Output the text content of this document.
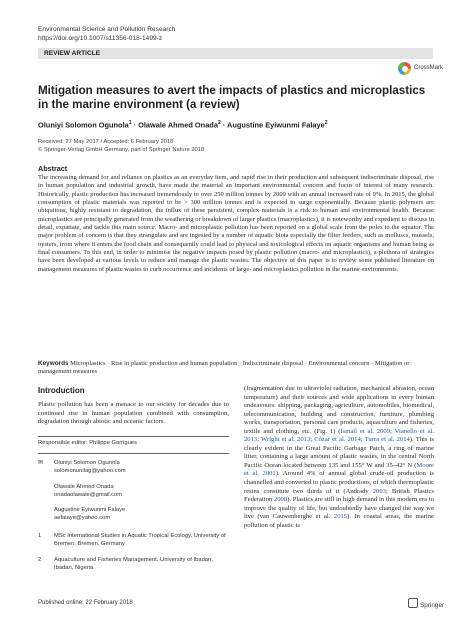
Environmental Science and Pollution Research
https://doi.org/10.1007/s11356-018-1499-z
REVIEW ARTICLE
CrossMark
Mitigation measures to avert the impacts of plastics and microplastics in the marine environment (a review)
Oluniyi Solomon Ogunola$^1$ · Olawale Ahmed Onada$^2$ · Augustine Eyiwunmi Falaye$^2$
Received: 27 May 2017 / Accepted: 6 February 2018
© Springer-Verlag GmbH Germany, part of Springer Nature 2018
Abstract
The increasing demand for and reliance on plastics as an everyday item, and rapid rise in their production and subsequent indiscriminate disposal, rise in human population and industrial growth, have made the material an important environmental concern and focus of interest of many research. Historically, plastic production has increased tremendously to over 250 million tonnes by 2009 with an annual increased rate of 9%. In 2015, the global consumption of plastic materials was reported to be > 300 million tonnes and is expected to surge exponentially. Because plastic polymers are ubiquitous, highly resistant to degradation, the influx of these persistent, complex materials is a risk to human and environmental health. Because microplastics are principally generated from the weathering or breakdown of larger plastics (macroplastics), it is noteworthy and expedient to discuss in detail, expatiate, and tackle this main source. Macro- and microplastic pollution has been reported on a global scale from the poles to the equator. The major problem of concern is that they strangulate and are ingested by a number of aquatic biota especially the filter feeders, such as molluscs, mussels, oysters, from where it enters the food chain and consequently could lead to physical and toxicological effects on aquatic organisms and human being as final consumers. To this end, in order to minimise the negative impacts posed by plastic pollution (macro- and microplastics), a plethora of strategies have been developed at various levels to reduce and manage the plastic wastes. The objective of this paper is to review some published literature on management measures of plastic wastes to curb occurrence and incidents of large- and microplastics pollution in the marine environments.
Keywords Microplastics · Rise in plastic production and human population · Indiscriminate disposal · Environmental concern · Mitigation or management measures
Introduction
Plastic pollution has been a menace to our society for decades due to continued rise in human population combined with consumption, degradation through abiotic and oceanic factors
Responsible editor: Philippe Garrigues
✉	Oluniyi Solomon Ogunola
solomonunilag@yahoo.com
Olawale Ahmed Onada
onadaolawale@gmail.com
Augustine Eyiwunmi Falaye
aefalaye@yahoo.com
1	MSc International Studies in Aquatic Tropical Ecology, University of Bremen, Bremen, Germany
2	Aquaculture and Fisheries Management, University of Ibadan, Ibadan, Nigeria
(fragmentation due to ultraviolet radiation, mechanical abrasion, ocean temperature) and their sources and wide applications in every human endeavours: shipping, packaging, agriculture, automobiles, biomedical, telecommunication, building and construction, furniture, plumbing works, transportation, personal care products, aquaculture and fisheries, textile and clothing, etc. (Fig. 1) (Ismail et al. 2009; Vianello et al. 2013; Wright et al. 2013; Cózar et al. 2014; Turra et al. 2014). This is clearly evident in the Great Pacific Garbage Patch, a ring of marine litter, containing a large amount of plastic wastes, in the central North Pacific Ocean located between 135 and 155° W and 35–42° N (Moore et al. 2001). Around 4% of annual global crude-oil production is channelled and converted to plastic productions, of which thermoplastic resins constitute two thirds of it (Andrady 2003; British Plastics Federation 2008). Plastics are still in high demand in this modern era to improve the quality of life, but undoubtedly have changed the way we live (van Cauwenberghe et al. 2015). In coastal areas, the marine pollution of plastic is
Published online: 22 February 2018	Springer
